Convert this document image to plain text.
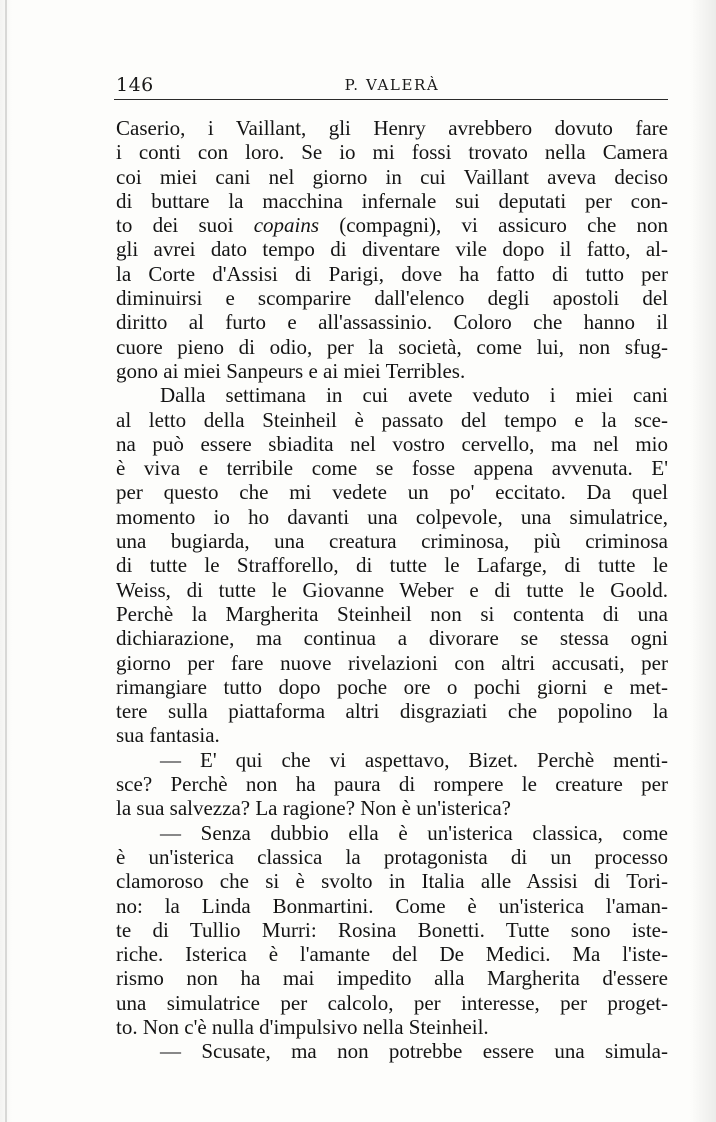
146	P. VALERÀ
Caserio, i Vaillant, gli Henry avrebbero dovuto fare
i conti con loro. Se io mi fossi trovato nella Camera
coi miei cani nel giorno in cui Vaillant aveva deciso
di buttare la macchina infernale sui deputati per con-
to dei suoi copains (compagni), vi assicuro che non
gli avrei dato tempo di diventare vile dopo il fatto, al-
la Corte d'Assisi di Parigi, dove ha fatto di tutto per
diminuirsi e scomparire dall'elenco degli apostoli del
diritto al furto e all'assassinio. Coloro che hanno il
cuore pieno di odio, per la società, come lui, non sfug-
gono ai miei Sanpeurs e ai miei Terribles.
Dalla settimana in cui avete veduto i miei cani
al letto della Steinheil è passato del tempo e la sce-
na può essere sbiadita nel vostro cervello, ma nel mio
è viva e terribile come se fosse appena avvenuta. E'
per questo che mi vedete un po' eccitato. Da quel
momento io ho davanti una colpevole, una simulatrice,
una bugiarda, una creatura criminosa, più criminosa
di tutte le Strafforello, di tutte le Lafarge, di tutte le
Weiss, di tutte le Giovanne Weber e di tutte le Goold.
Perchè la Margherita Steinheil non si contenta di una
dichiarazione, ma continua a divorare se stessa ogni
giorno per fare nuove rivelazioni con altri accusati, per
rimangiare tutto dopo poche ore o pochi giorni e met-
tere sulla piattaforma altri disgraziati che popolino la
sua fantasia.
— E' qui che vi aspettavo, Bizet. Perchè menti-
sce? Perchè non ha paura di rompere le creature per
la sua salvezza? La ragione? Non è un'isterica?
— Senza dubbio ella è un'isterica classica, come
è un'isterica classica la protagonista di un processo
clamoroso che si è svolto in Italia alle Assisi di Tori-
no: la Linda Bonmartini. Come è un'isterica l'aman-
te di Tullio Murri: Rosina Bonetti. Tutte sono iste-
riche. Isterica è l'amante del De Medici. Ma l'iste-
rismo non ha mai impedito alla Margherita d'essere
una simulatrice per calcolo, per interesse, per proget-
to. Non c'è nulla d'impulsivo nella Steinheil.
— Scusate, ma non potrebbe essere una simula-
